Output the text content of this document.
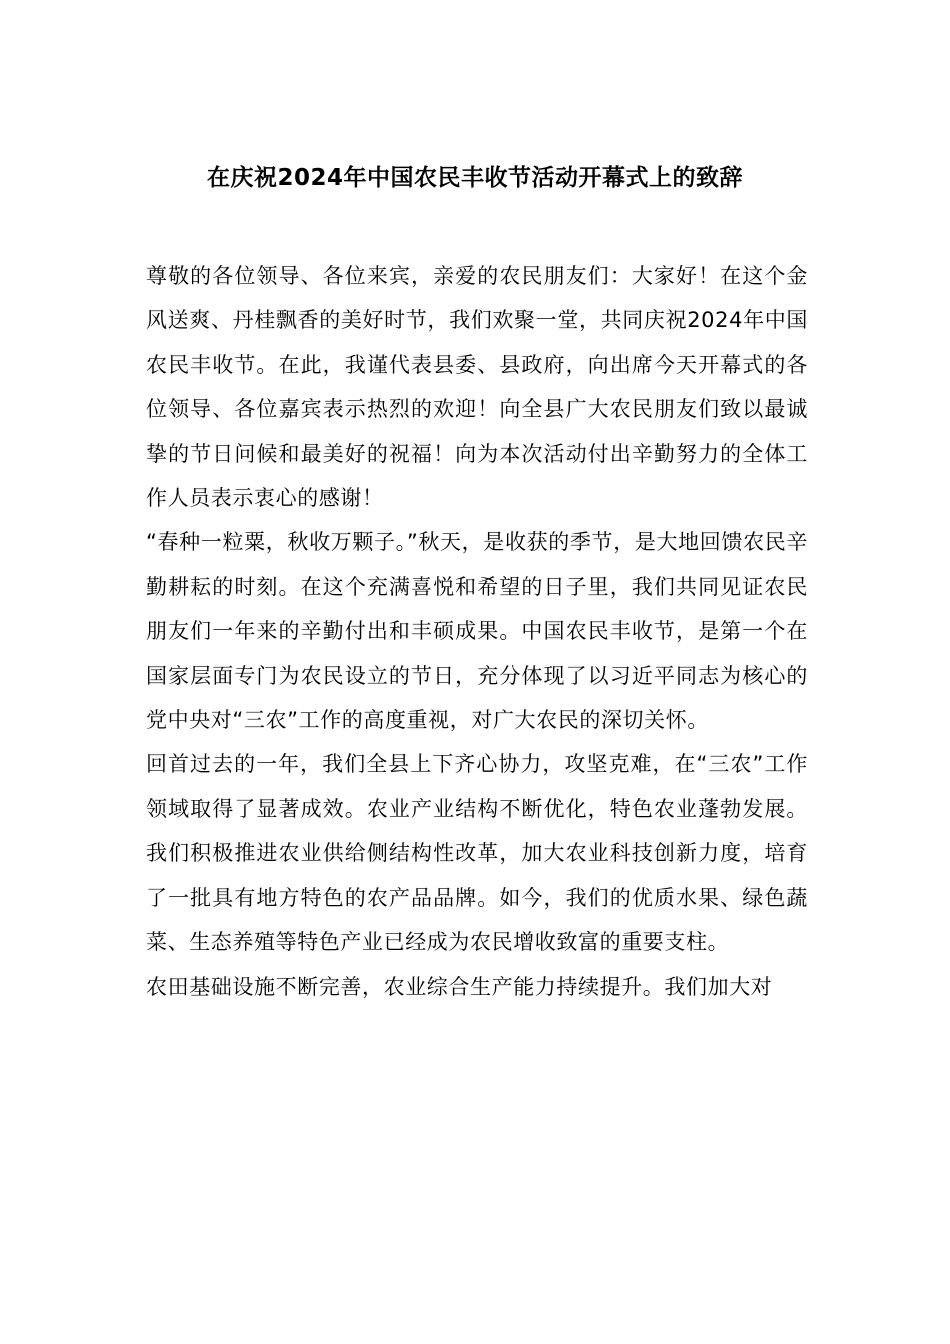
在庆祝2024年中国农民丰收节活动开幕式上的致辞

尊敬的各位领导、各位来宾，亲爱的农民朋友们：大家好！在这个金风送爽、丹桂飘香的美好时节，我们欢聚一堂，共同庆祝2024年中国农民丰收节。在此，我谨代表县委、县政府，向出席今天开幕式的各位领导、各位嘉宾表示热烈的欢迎！向全县广大农民朋友们致以最诚挚的节日问候和最美好的祝福！向为本次活动付出辛勤努力的全体工作人员表示衷心的感谢！

“春种一粒粟，秋收万颗子。”秋天，是收获的季节，是大地回馈农民辛勤耕耘的时刻。在这个充满喜悦和希望的日子里，我们共同见证农民朋友们一年来的辛勤付出和丰硕成果。中国农民丰收节，是第一个在国家层面专门为农民设立的节日，充分体现了以习近平同志为核心的党中央对“三农”工作的高度重视，对广大农民的深切关怀。

回首过去的一年，我们全县上下齐心协力，攻坚克难，在“三农”工作领域取得了显著成效。农业产业结构不断优化，特色农业蓬勃发展。我们积极推进农业供给侧结构性改革，加大农业科技创新力度，培育了一批具有地方特色的农产品品牌。如今，我们的优质水果、绿色蔬菜、生态养殖等特色产业已经成为农民增收致富的重要支柱。

农田基础设施不断完善，农业综合生产能力持续提升。我们加大对
